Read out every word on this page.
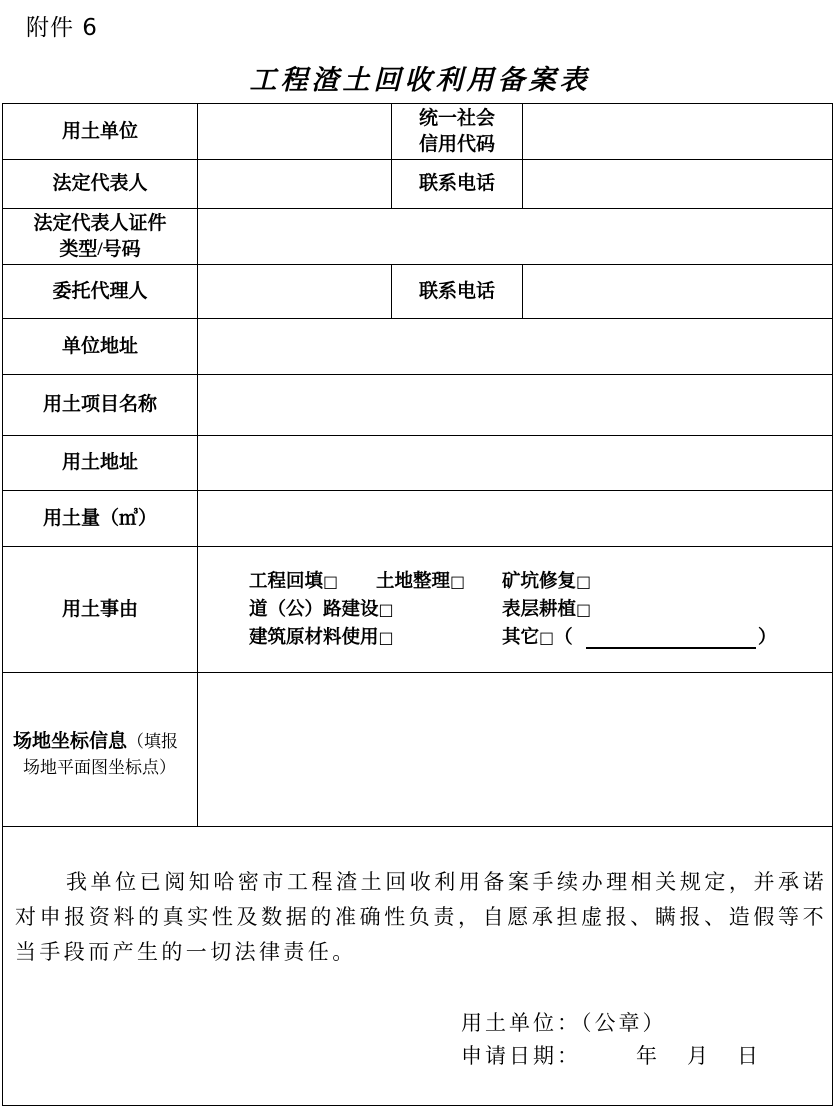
附件 6
工程渣土回收利用备案表
用土单位		统一社会
信用代码	

法定代表人		联系电话	

法定代表人证件
类型/号码			

委托代理人		联系电话	
单位地址			
用土项目名称			
用土地址			
用土量（㎥）			
用土事由	
工程回填□ 土地整理□ 矿坑修复□
道（公）路建设□	表层耕植□
建筑原材料使用□	其它□（	）

场地坐标信息（填报
场地平面图坐标点）			

我单位已阅知哈密市工程渣土回收利用备案手续办理相关规定，并承诺对申报资料的真实性及数据的准确性负责，自愿承担虚报、瞒报、造假等不当手段而产生的一切法律责任。
用土单位：（公章）
申请日期：	年 月 日
